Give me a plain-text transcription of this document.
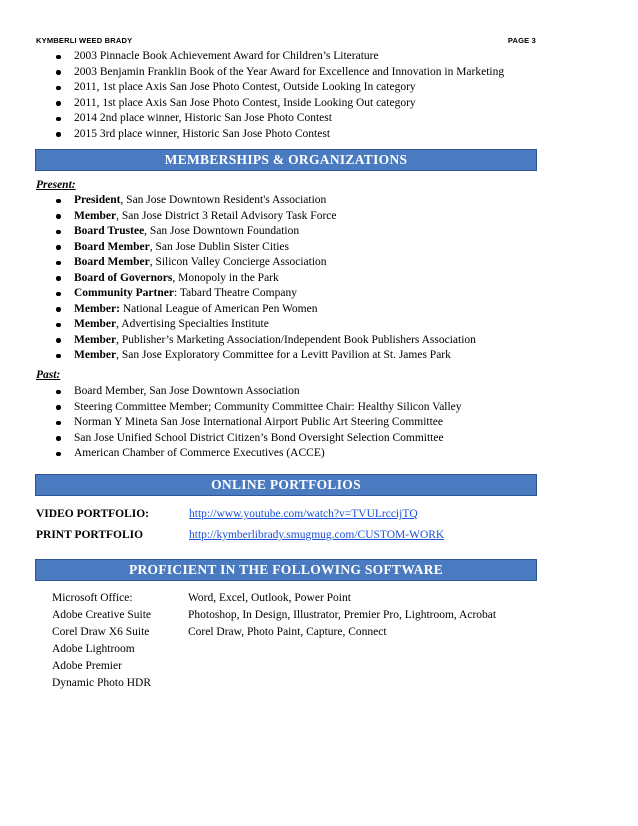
KYMBERLI WEED BRADY	PAGE 3
2003 Pinnacle Book Achievement Award for Children’s Literature
2003 Benjamin Franklin Book of the Year Award for Excellence and Innovation in Marketing
2011, 1st place Axis San Jose Photo Contest, Outside Looking In category
2011, 1st place Axis San Jose Photo Contest, Inside Looking Out category
2014 2nd place winner, Historic San Jose Photo Contest
2015 3rd place winner, Historic San Jose Photo Contest
MEMBERSHIPS & ORGANIZATIONS
Present:
President, San Jose Downtown Resident's Association
Member, San Jose District 3 Retail Advisory Task Force
Board Trustee, San Jose Downtown Foundation
Board Member, San Jose Dublin Sister Cities
Board Member, Silicon Valley Concierge Association
Board of Governors, Monopoly in the Park
Community Partner: Tabard Theatre Company
Member: National League of American Pen Women
Member, Advertising Specialties Institute
Member, Publisher’s Marketing Association/Independent Book Publishers Association
Member, San Jose Exploratory Committee for a Levitt Pavilion at St. James Park
Past:
Board Member, San Jose Downtown Association
Steering Committee Member; Community Committee Chair: Healthy Silicon Valley
Norman Y Mineta San Jose International Airport Public Art Steering Committee
San Jose Unified School District Citizen’s Bond Oversight Selection Committee
American Chamber of Commerce Executives (ACCE)
ONLINE PORTFOLIOS
VIDEO PORTFOLIO:	http://www.youtube.com/watch?v=TVULrccijTQ
PRINT PORTFOLIO	http://kymberlibrady.smugmug.com/CUSTOM-WORK
PROFICIENT IN THE FOLLOWING SOFTWARE
Microsoft Office:	Word, Excel, Outlook, Power Point
Adobe Creative Suite	Photoshop, In Design, Illustrator, Premier Pro, Lightroom, Acrobat
Corel Draw X6 Suite	Corel Draw, Photo Paint, Capture, Connect
Adobe Lightroom
Adobe Premier
Dynamic Photo HDR
